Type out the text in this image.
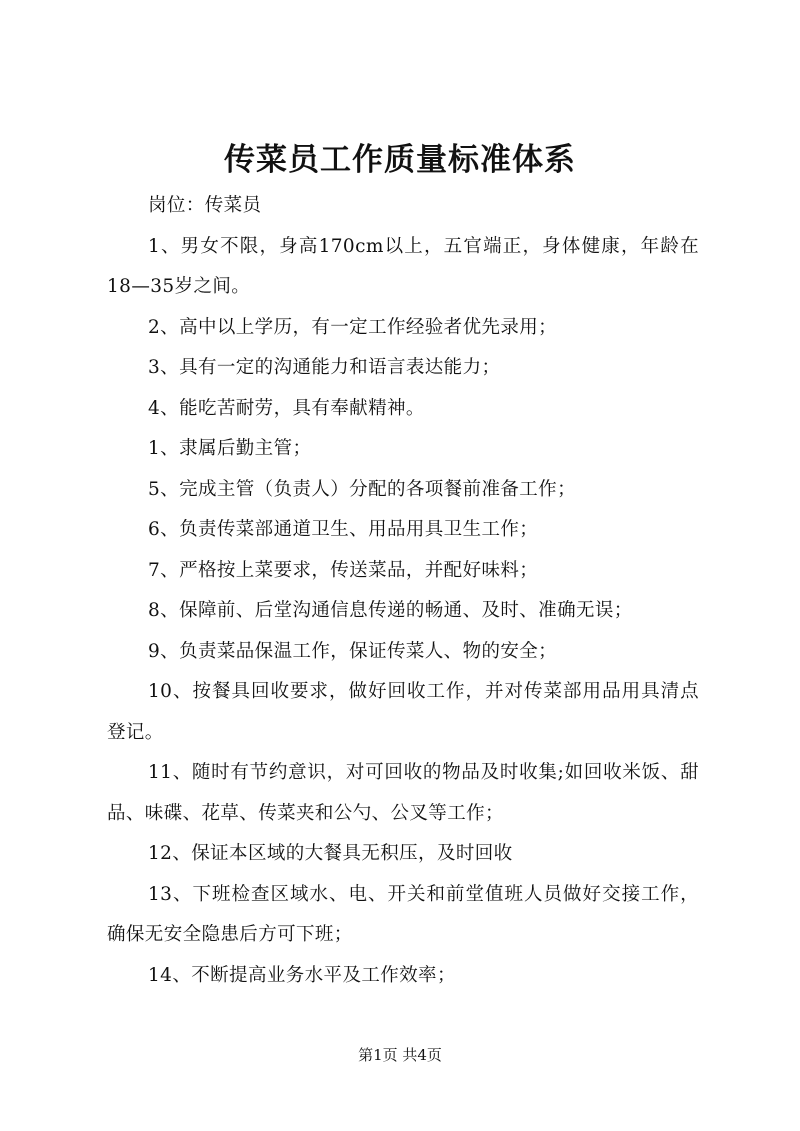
传菜员工作质量标准体系

岗位：传菜员

1、男女不限，身高170cm以上，五官端正，身体健康，年龄在18—35岁之间。

2、高中以上学历，有一定工作经验者优先录用；

3、具有一定的沟通能力和语言表达能力；

4、能吃苦耐劳，具有奉献精神。

1、隶属后勤主管；

5、完成主管（负责人）分配的各项餐前准备工作；

6、负责传菜部通道卫生、用品用具卫生工作；

7、严格按上菜要求，传送菜品，并配好味料；

8、保障前、后堂沟通信息传递的畅通、及时、准确无误；

9、负责菜品保温工作，保证传菜人、物的安全；

10、按餐具回收要求，做好回收工作，并对传菜部用品用具清点登记。

11、随时有节约意识，对可回收的物品及时收集;如回收米饭、甜品、味碟、花草、传菜夹和公勺、公叉等工作；

12、保证本区域的大餐具无积压，及时回收

13、下班检查区域水、电、开关和前堂值班人员做好交接工作，确保无安全隐患后方可下班；

14、不断提高业务水平及工作效率；

第1页 共4页
